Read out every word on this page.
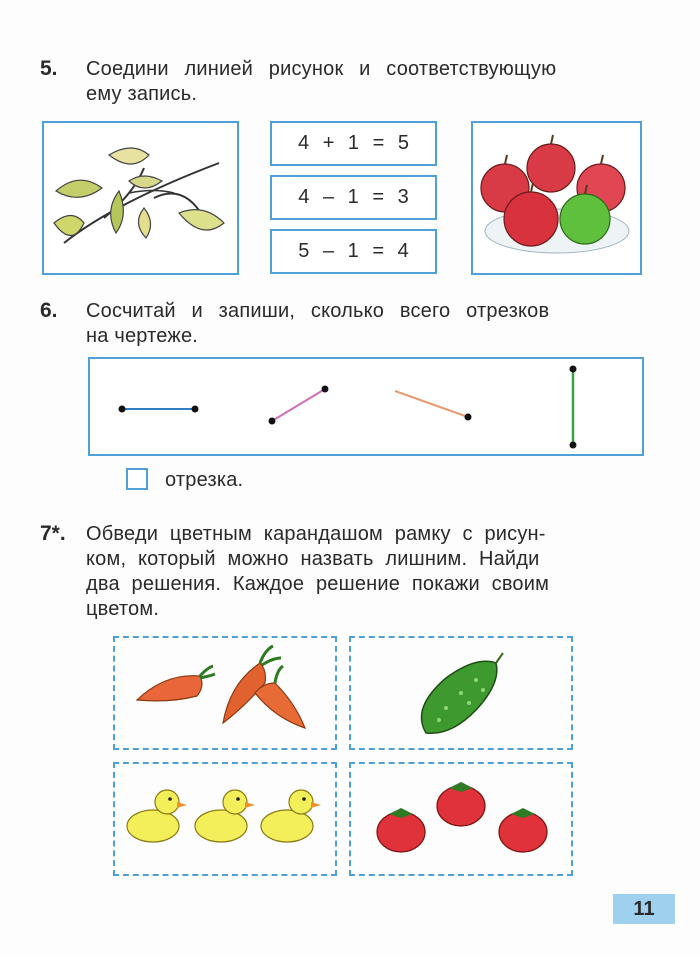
5. Соедини линией рисунок и соответствующую
ему запись.
4 + 1 = 5
4 – 1 = 3
5 – 1 = 4
6. Сосчитай и запиши, сколько всего отрезков
на чертеже.
отрезка.
7*. Обведи цветным карандашом рамку с рисун-
ком, который можно назвать лишним. Найди
два решения. Каждое решение покажи своим
цветом.
11
